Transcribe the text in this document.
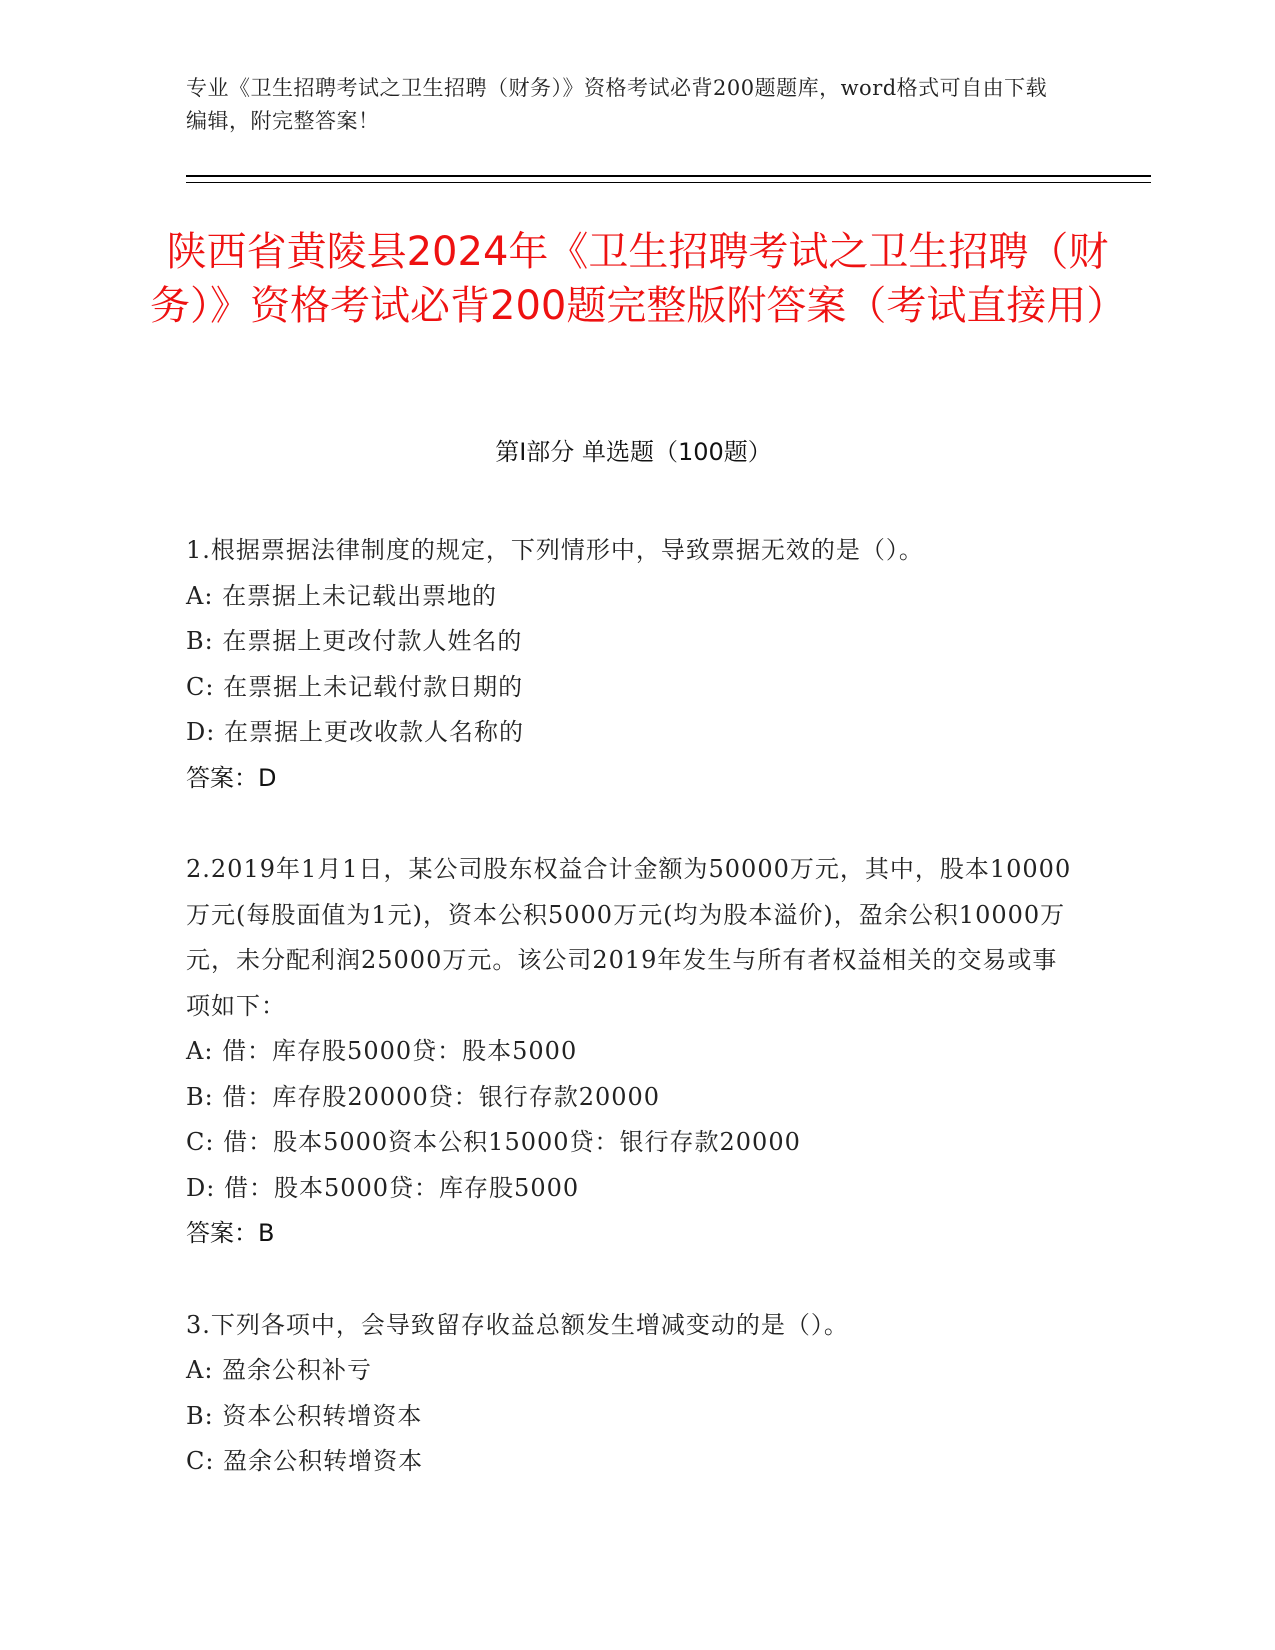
专业《卫生招聘考试之卫生招聘（财务）》资格考试必背200题题库，word格式可自由下载编辑，附完整答案！
陕西省黄陵县2024年《卫生招聘考试之卫生招聘（财务）》资格考试必背200题完整版附答案（考试直接用）
第Ⅰ部分 单选题（100题）

1.根据票据法律制度的规定，下列情形中，导致票据无效的是（）。

A: 在票据上未记载出票地的

B: 在票据上更改付款人姓名的

C: 在票据上未记载付款日期的

D: 在票据上更改收款人名称的

答案：D

2.2019年1月1日，某公司股东权益合计金额为50000万元，其中，股本10000万元(每股面值为1元)，资本公积5000万元(均为股本溢价)，盈余公积10000万元，未分配利润25000万元。该公司2019年发生与所有者权益相关的交易或事项如下：

A: 借：库存股5000贷：股本5000

B: 借：库存股20000贷：银行存款20000

C: 借：股本5000资本公积15000贷：银行存款20000

D: 借：股本5000贷：库存股5000

答案：B

3.下列各项中，会导致留存收益总额发生增减变动的是（）。

A: 盈余公积补亏

B: 资本公积转增资本

C: 盈余公积转增资本
